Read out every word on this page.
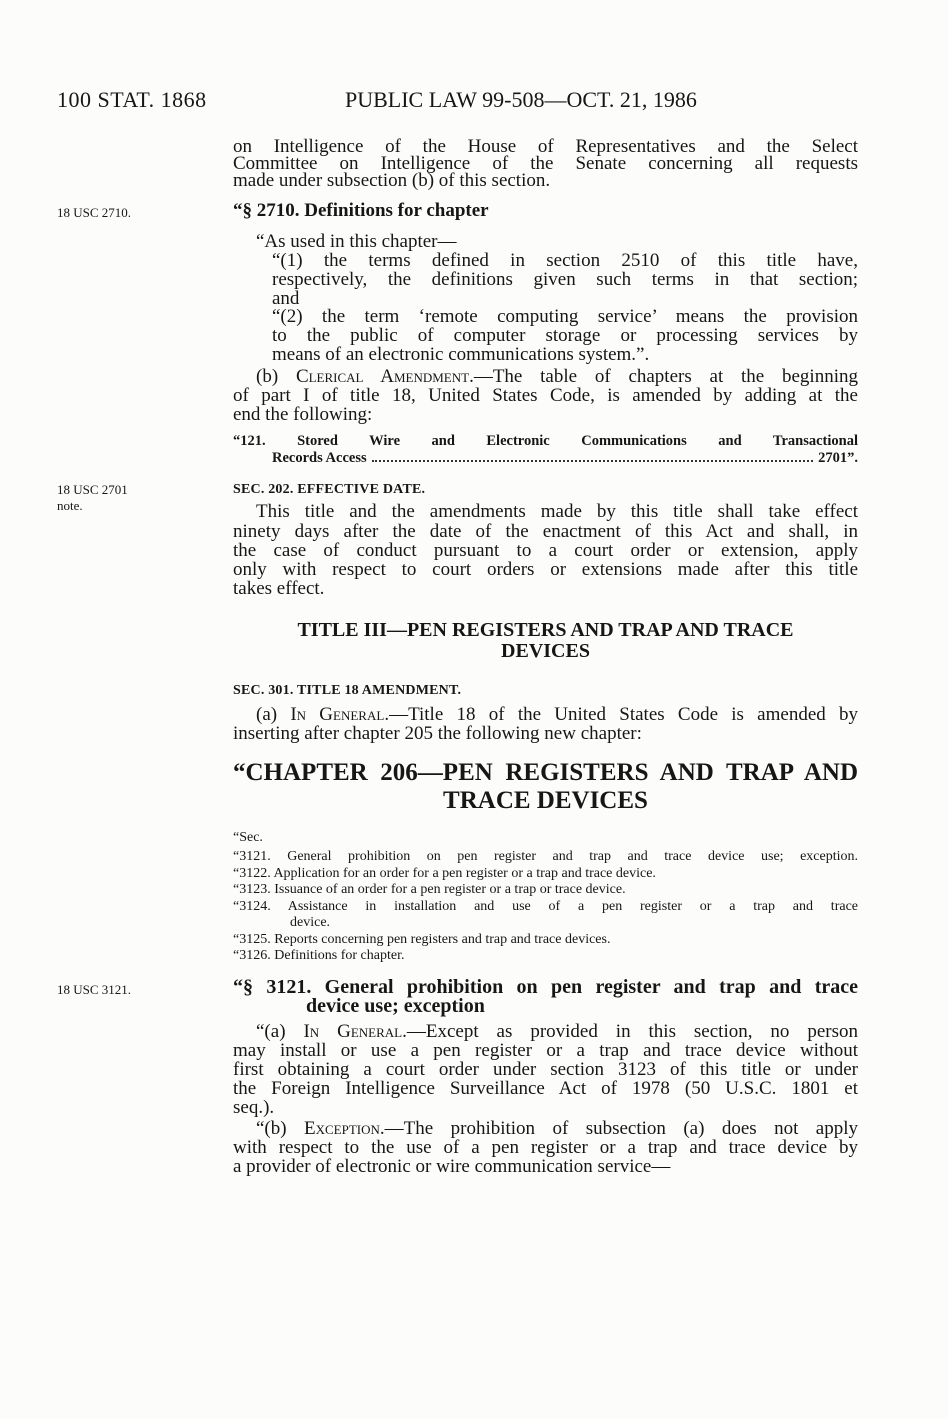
100 STAT. 1868	PUBLIC LAW 99-508—OCT. 21, 1986
on Intelligence of the House of Representatives and the Select
Committee on Intelligence of the Senate concerning all requests
made under subsection (b) of this section.
18 USC 2710.	“§ 2710. Definitions for chapter
“As used in this chapter—
“(1) the terms defined in section 2510 of this title have,
respectively, the definitions given such terms in that section;
and
“(2) the term ‘remote computing service’ means the provision
to the public of computer storage or processing services by
means of an electronic communications system.”.
(b) Clerical Amendment.—The table of chapters at the beginning
of part I of title 18, United States Code, is amended by adding at the
end the following:
“121. Stored Wire and Electronic Communications and Transactional
Records Access	2701”.
18 USC 2701
note.
SEC. 202. EFFECTIVE DATE.
This title and the amendments made by this title shall take effect
ninety days after the date of the enactment of this Act and shall, in
the case of conduct pursuant to a court order or extension, apply
only with respect to court orders or extensions made after this title
takes effect.
TITLE III—PEN REGISTERS AND TRAP AND TRACE
DEVICES
SEC. 301. TITLE 18 AMENDMENT.
(a) In General.—Title 18 of the United States Code is amended by
inserting after chapter 205 the following new chapter:
“CHAPTER 206—PEN REGISTERS AND TRAP AND
TRACE DEVICES
“Sec.
“3121. General prohibition on pen register and trap and trace device use; exception.
“3122. Application for an order for a pen register or a trap and trace device.
“3123. Issuance of an order for a pen register or a trap or trace device.
“3124. Assistance in installation and use of a pen register or a trap and trace
device.
“3125. Reports concerning pen registers and trap and trace devices.
“3126. Definitions for chapter.
18 USC 3121.	“§ 3121. General prohibition on pen register and trap and trace
device use; exception
“(a) In General.—Except as provided in this section, no person
may install or use a pen register or a trap and trace device without
first obtaining a court order under section 3123 of this title or under
the Foreign Intelligence Surveillance Act of 1978 (50 U.S.C. 1801 et
seq.).
“(b) Exception.—The prohibition of subsection (a) does not apply
with respect to the use of a pen register or a trap and trace device by
a provider of electronic or wire communication service—
